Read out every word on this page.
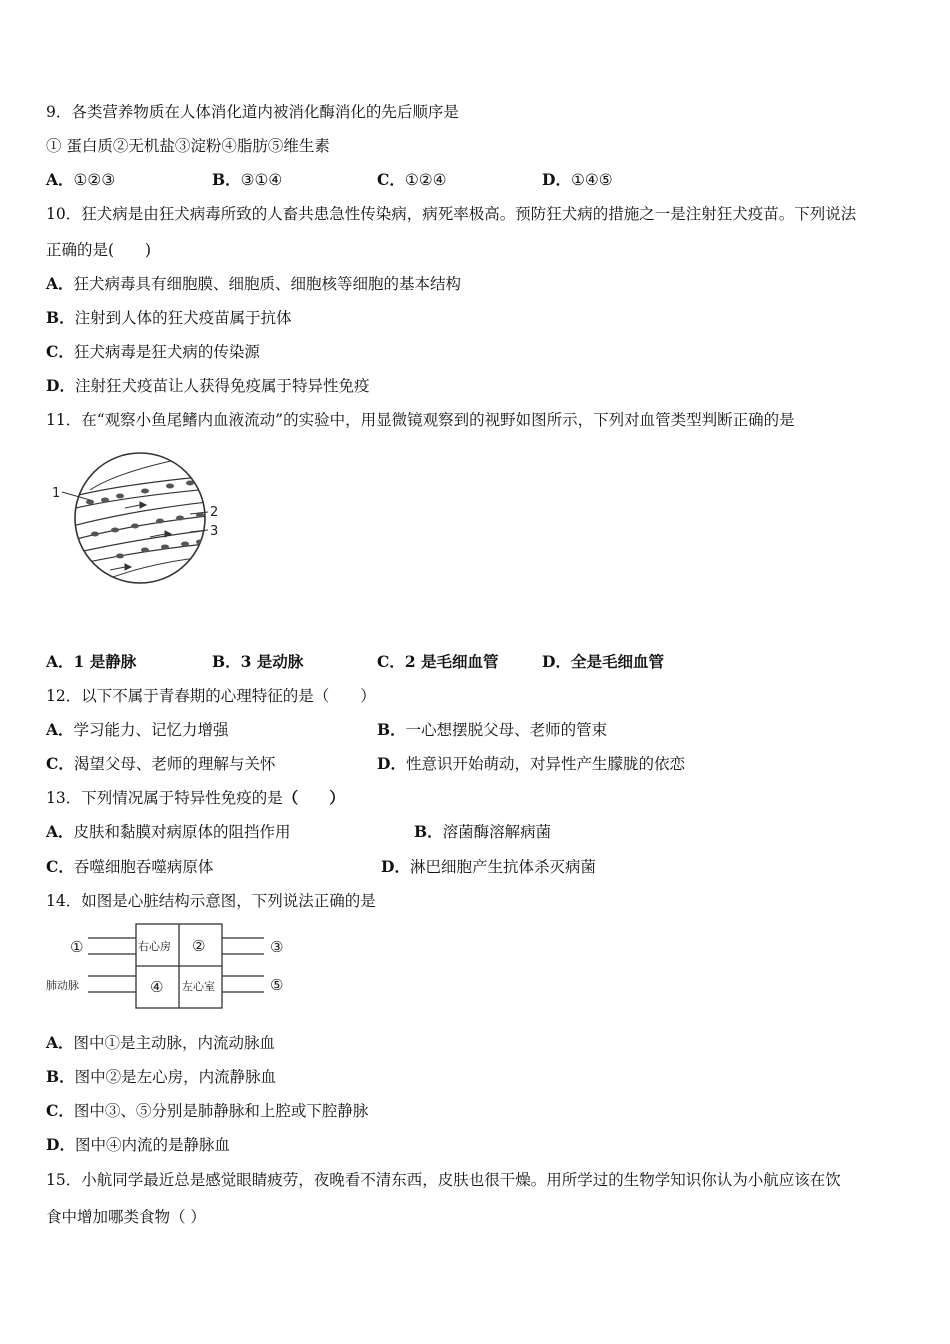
9．各类营养物质在人体消化道内被消化酶消化的先后顺序是
① 蛋白质②无机盐③淀粉④脂肪⑤维生素
A．①②③	B．③①④	C．①②④	D．①④⑤
10．狂犬病是由狂犬病毒所致的人畜共患急性传染病，病死率极高。预防狂犬病的措施之一是注射狂犬疫苗。下列说法
正确的是(　　)
A．狂犬病毒具有细胞膜、细胞质、细胞核等细胞的基本结构
B．注射到人体的狂犬疫苗属于抗体
C．狂犬病毒是狂犬病的传染源
D．注射狂犬疫苗让人获得免疫属于特异性免疫
11．在“观察小鱼尾鳍内血液流动”的实验中，用显微镜观察到的视野如图所示，下列对血管类型判断正确的是
1
2
3
A．1 是静脉	B．3 是动脉	C．2 是毛细血管	D．全是毛细血管
12．以下不属于青春期的心理特征的是（　　）
A．学习能力、记忆力增强	B．一心想摆脱父母、老师的管束
C．渴望父母、老师的理解与关怀	D．性意识开始萌动，对异性产生朦胧的依恋
13．下列情况属于特异性免疫的是（　　）
A．皮肤和黏膜对病原体的阻挡作用	B．溶菌酶溶解病菌
C．吞噬细胞吞噬病原体	D．淋巴细胞产生抗体杀灭病菌
14．如图是心脏结构示意图，下列说法正确的是
①	②	③
④	⑤
右心房
左心室
肺动脉
A．图中①是主动脉，内流动脉血
B．图中②是左心房，内流静脉血
C．图中③、⑤分别是肺静脉和上腔或下腔静脉
D．图中④内流的是静脉血
15．小航同学最近总是感觉眼睛疲劳，夜晚看不清东西，皮肤也很干燥。用所学过的生物学知识你认为小航应该在饮
食中增加哪类食物（ ）
